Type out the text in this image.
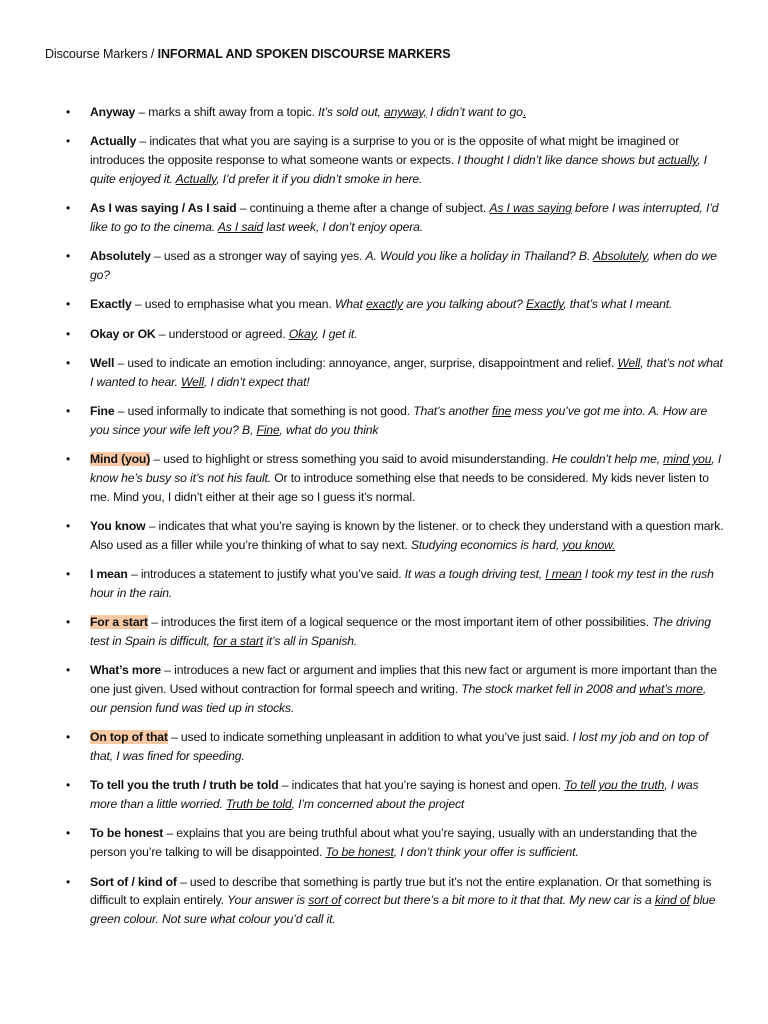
Discourse Markers / INFORMAL AND SPOKEN DISCOURSE MARKERS
• Anyway – marks a shift away from a topic. It’s sold out, anyway, I didn’t want to go.
• Actually – indicates that what you are saying is a surprise to you or is the opposite of what might be imagined or introduces the opposite response to what someone wants or expects. I thought I didn’t like dance shows but actually, I quite enjoyed it. Actually, I’d prefer it if you didn’t smoke in here.
• As I was saying / As I said – continuing a theme after a change of subject. As I was saying before I was interrupted, I’d like to go to the cinema. As I said last week, I don’t enjoy opera.
• Absolutely – used as a stronger way of saying yes. A. Would you like a holiday in Thailand? B. Absolutely, when do we go?
• Exactly – used to emphasise what you mean. What exactly are you talking about? Exactly, that’s what I meant.
• Okay or OK – understood or agreed. Okay, I get it.
• Well – used to indicate an emotion including: annoyance, anger, surprise, disappointment and relief. Well, that’s not what I wanted to hear. Well, I didn’t expect that!
• Fine – used informally to indicate that something is not good. That’s another fine mess you’ve got me into. A. How are you since your wife left you? B, Fine, what do you think
• Mind (you) – used to highlight or stress something you said to avoid misunderstanding. He couldn’t help me, mind you, I know he’s busy so it’s not his fault. Or to introduce something else that needs to be considered. My kids never listen to me. Mind you, I didn’t either at their age so I guess it’s normal.
• You know – indicates that what you’re saying is known by the listener. or to check they understand with a question mark. Also used as a filler while you’re thinking of what to say next. Studying economics is hard, you know.
• I mean – introduces a statement to justify what you’ve said. It was a tough driving test, I mean I took my test in the rush hour in the rain.
• For a start – introduces the first item of a logical sequence or the most important item of other possibilities. The driving test in Spain is difficult, for a start it’s all in Spanish.
• What’s more – introduces a new fact or argument and implies that this new fact or argument is more important than the one just given. Used without contraction for formal speech and writing. The stock market fell in 2008 and what’s more, our pension fund was tied up in stocks.
• On top of that – used to indicate something unpleasant in addition to what you’ve just said. I lost my job and on top of that, I was fined for speeding.
• To tell you the truth / truth be told – indicates that hat you’re saying is honest and open. To tell you the truth, I was more than a little worried. Truth be told, I’m concerned about the project
• To be honest – explains that you are being truthful about what you’re saying, usually with an understanding that the person you’re talking to will be disappointed. To be honest, I don’t think your offer is sufficient.
• Sort of / kind of – used to describe that something is partly true but it’s not the entire explanation. Or that something is difficult to explain entirely. Your answer is sort of correct but there’s a bit more to it that that. My new car is a kind of blue green colour. Not sure what colour you’d call it.
